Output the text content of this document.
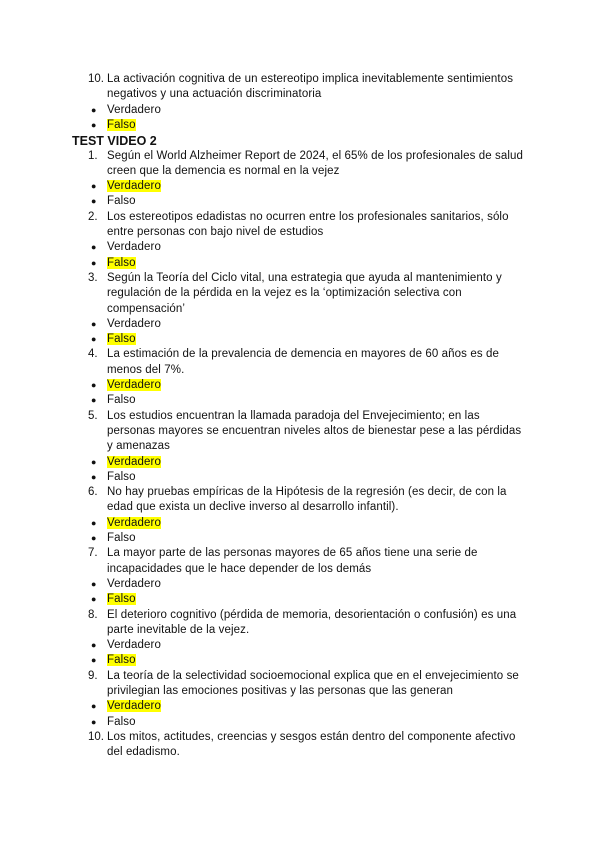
10. La activación cognitiva de un estereotipo implica inevitablemente sentimientos
negativos y una actuación discriminatoria
● Verdadero
● Falso
TEST VIDEO 2
1. Según el World Alzheimer Report de 2024, el 65% de los profesionales de salud
creen que la demencia es normal en la vejez
● Verdadero
● Falso
2. Los estereotipos edadistas no ocurren entre los profesionales sanitarios, sólo
entre personas con bajo nivel de estudios
● Verdadero
● Falso
3. Según la Teoría del Ciclo vital, una estrategia que ayuda al mantenimiento y
regulación de la pérdida en la vejez es la ‘optimización selectiva con
compensación’
● Verdadero
● Falso
4. La estimación de la prevalencia de demencia en mayores de 60 años es de
menos del 7%.
● Verdadero
● Falso
5. Los estudios encuentran la llamada paradoja del Envejecimiento; en las
personas mayores se encuentran niveles altos de bienestar pese a las pérdidas
y amenazas
● Verdadero
● Falso
6. No hay pruebas empíricas de la Hipótesis de la regresión (es decir, de con la
edad que exista un declive inverso al desarrollo infantil).
● Verdadero
● Falso
7. La mayor parte de las personas mayores de 65 años tiene una serie de
incapacidades que le hace depender de los demás
● Verdadero
● Falso
8. El deterioro cognitivo (pérdida de memoria, desorientación o confusión) es una
parte inevitable de la vejez.
● Verdadero
● Falso
9. La teoría de la selectividad socioemocional explica que en el envejecimiento se
privilegian las emociones positivas y las personas que las generan
● Verdadero
● Falso
10. Los mitos, actitudes, creencias y sesgos están dentro del componente afectivo
del edadismo.
